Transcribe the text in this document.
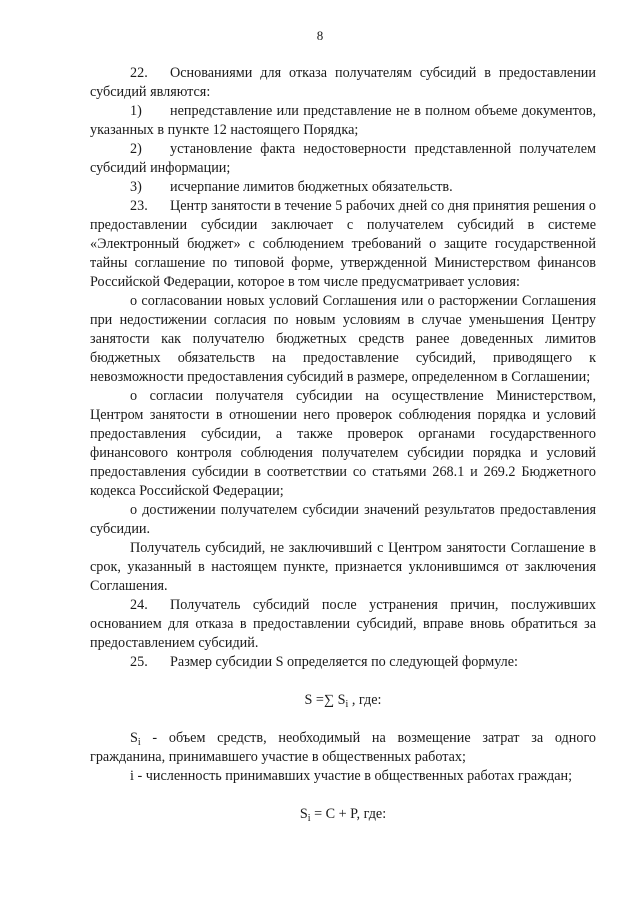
8

22. Основаниями для отказа получателям субсидий в предоставлении субсидий являются:

1) непредставление или представление не в полном объеме документов, указанных в пункте 12 настоящего Порядка;

2) установление факта недостоверности представленной получателем субсидий информации;

3) исчерпание лимитов бюджетных обязательств.

23. Центр занятости в течение 5 рабочих дней со дня принятия решения о предоставлении субсидии заключает с получателем субсидий в системе «Электронный бюджет» с соблюдением требований о защите государственной тайны соглашение по типовой форме, утвержденной Министерством финансов Российской Федерации, которое в том числе предусматривает условия:

о согласовании новых условий Соглашения или о расторжении Соглашения при недостижении согласия по новым условиям в случае уменьшения Центру занятости как получателю бюджетных средств ранее доведенных лимитов бюджетных обязательств на предоставление субсидий, приводящего к невозможности предоставления субсидий в размере, определенном в Соглашении;

о согласии получателя субсидии на осуществление Министерством, Центром занятости в отношении него проверок соблюдения порядка и условий предоставления субсидии, а также проверок органами государственного финансового контроля соблюдения получателем субсидии порядка и условий предоставления субсидии в соответствии со статьями 268.1 и 269.2 Бюджетного кодекса Российской Федерации;

о достижении получателем субсидии значений результатов предоставления субсидии.

Получатель субсидий, не заключивший с Центром занятости Соглашение в срок, указанный в настоящем пункте, признается уклонившимся от заключения Соглашения.

24. Получатель субсидий после устранения причин, послуживших основанием для отказа в предоставлении субсидий, вправе вновь обратиться за предоставлением субсидий.

25. Размер субсидии S определяется по следующей формуле:

S =∑ $S_i$ , где:

$S_i$ - объем средств, необходимый на возмещение затрат за одного гражданина, принимавшего участие в общественных работах;

i - численность принимавших участие в общественных работах граждан;

$S_i = C + P$, где:
